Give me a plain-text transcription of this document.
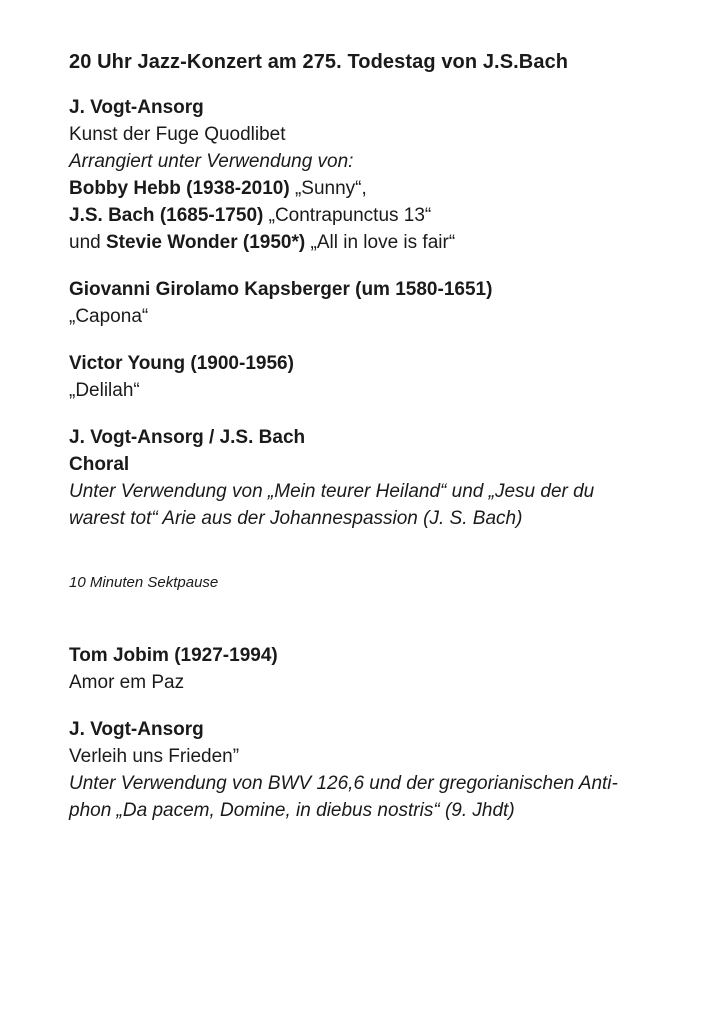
20 Uhr Jazz-Konzert am 275. Todestag von J.S.Bach
J. Vogt-Ansorg
Kunst der Fuge Quodlibet
Arrangiert unter Verwendung von:
Bobby Hebb (1938-2010) „Sunny“,
J.S. Bach (1685-1750) „Contrapunctus 13“
und Stevie Wonder (1950*) „All in love is fair“
Giovanni Girolamo Kapsberger (um 1580-1651)
„Capona“
Victor Young (1900-1956)
„Delilah“
J. Vogt-Ansorg / J.S. Bach
Choral
Unter Verwendung von „Mein teurer Heiland“ und „Jesu der du
warest tot“ Arie aus der Johannespassion (J. S. Bach)
10 Minuten Sektpause
Tom Jobim (1927-1994)
Amor em Paz
J. Vogt-Ansorg
Verleih uns Frieden”
Unter Verwendung von BWV 126,6 und der gregorianischen Anti-
phon „Da pacem, Domine, in diebus nostris“ (9. Jhdt)
